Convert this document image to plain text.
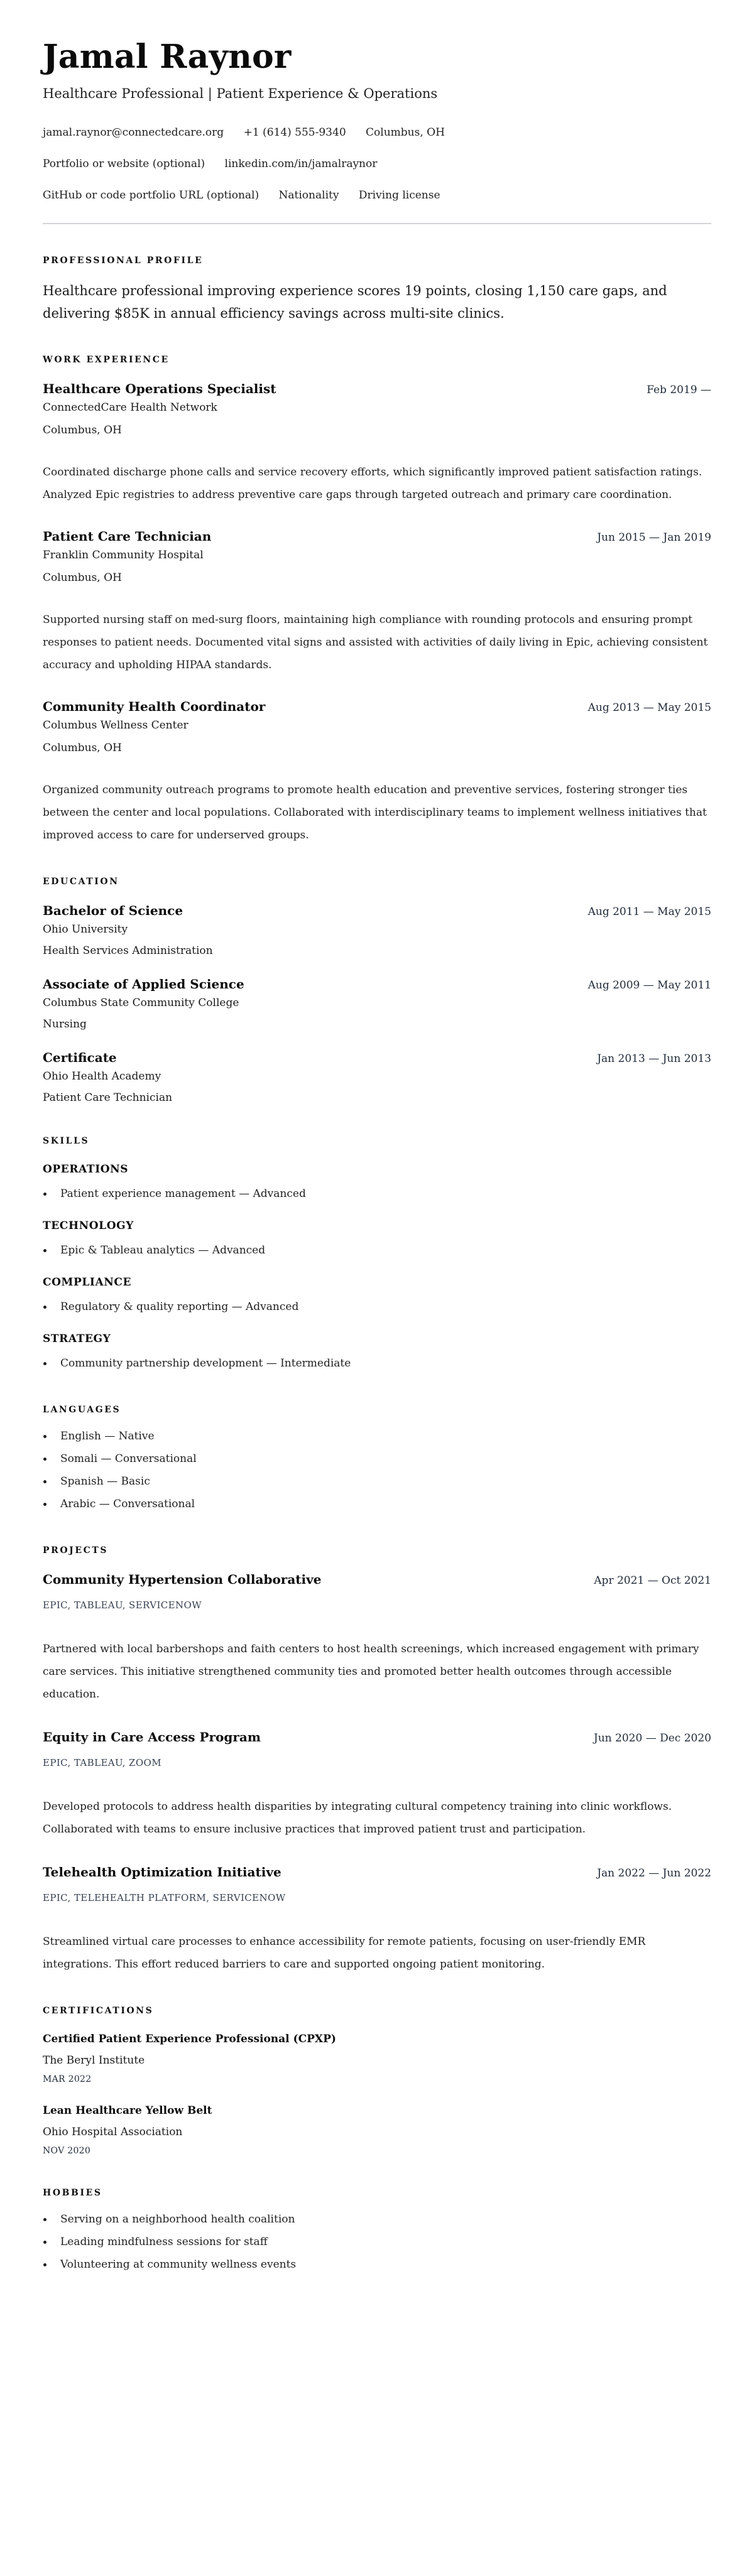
Jamal Raynor
Healthcare Professional | Patient Experience & Operations
jamal.raynor@connectedcare.org +1 (614) 555-9340 Columbus, OH
Portfolio or website (optional) linkedin.com/in/jamalraynor
GitHub or code portfolio URL (optional) Nationality Driving license
PROFESSIONAL PROFILE

Healthcare professional improving experience scores 19 points, closing 1,150 care gaps, and delivering $85K in annual efficiency savings across multi-site clinics.

WORK EXPERIENCE
Healthcare Operations Specialist	Feb 2019 —
ConnectedCare Health Network
Columbus, OH

Coordinated discharge phone calls and service recovery efforts, which significantly improved patient satisfaction ratings. Analyzed Epic registries to address preventive care gaps through targeted outreach and primary care coordination.

Patient Care Technician	Jun 2015 — Jan 2019
Franklin Community Hospital
Columbus, OH

Supported nursing staff on med-surg floors, maintaining high compliance with rounding protocols and ensuring prompt responses to patient needs. Documented vital signs and assisted with activities of daily living in Epic, achieving consistent accuracy and upholding HIPAA standards.

Community Health Coordinator	Aug 2013 — May 2015
Columbus Wellness Center
Columbus, OH

Organized community outreach programs to promote health education and preventive services, fostering stronger ties between the center and local populations. Collaborated with interdisciplinary teams to implement wellness initiatives that improved access to care for underserved groups.

EDUCATION
Bachelor of Science	Aug 2011 — May 2015
Ohio University
Health Services Administration
Associate of Applied Science	Aug 2009 — May 2011
Columbus State Community College
Nursing
Certificate	Jan 2013 — Jun 2013
Ohio Health Academy
Patient Care Technician
SKILLS
OPERATIONS
Patient experience management — Advanced
TECHNOLOGY
Epic & Tableau analytics — Advanced
COMPLIANCE
Regulatory & quality reporting — Advanced
STRATEGY
Community partnership development — Intermediate
LANGUAGES
English — Native
Somali — Conversational
Spanish — Basic
Arabic — Conversational
PROJECTS
Community Hypertension Collaborative	Apr 2021 — Oct 2021
EPIC, TABLEAU, SERVICENOW

Partnered with local barbershops and faith centers to host health screenings, which increased engagement with primary care services. This initiative strengthened community ties and promoted better health outcomes through accessible education.

Equity in Care Access Program	Jun 2020 — Dec 2020
EPIC, TABLEAU, ZOOM

Developed protocols to address health disparities by integrating cultural competency training into clinic workflows. Collaborated with teams to ensure inclusive practices that improved patient trust and participation.

Telehealth Optimization Initiative	Jan 2022 — Jun 2022
EPIC, TELEHEALTH PLATFORM, SERVICENOW

Streamlined virtual care processes to enhance accessibility for remote patients, focusing on user-friendly EMR integrations. This effort reduced barriers to care and supported ongoing patient monitoring.

CERTIFICATIONS
Certified Patient Experience Professional (CPXP)
The Beryl Institute
MAR 2022
Lean Healthcare Yellow Belt
Ohio Hospital Association
NOV 2020
HOBBIES
Serving on a neighborhood health coalition
Leading mindfulness sessions for staff
Volunteering at community wellness events
